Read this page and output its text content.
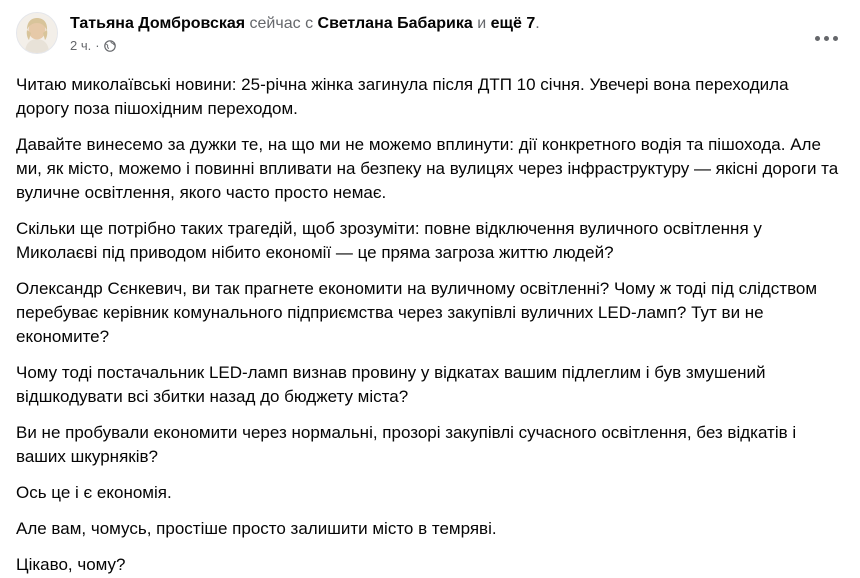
Татьяна Домбровская сейчас с Светлана Бабарика и ещё 7.
2 ч. ·

Читаю миколаївські новини: 25-річна жінка загинула після ДТП 10 січня. Увечері вона переходила дорогу поза пішохідним переходом.

Давайте винесемо за дужки те, на що ми не можемо вплинути: дії конкретного водія та пішохода. Але ми, як місто, можемо і повинні впливати на безпеку на вулицях через інфраструктуру — якісні дороги та вуличне освітлення, якого часто просто немає.

Скільки ще потрібно таких трагедій, щоб зрозуміти: повне відключення вуличного освітлення у Миколаєві під приводом нібито економії — це пряма загроза життю людей?

Олександр Сєнкевич, ви так прагнете економити на вуличному освітленні? Чому ж тоді під слідством перебуває керівник комунального підприємства через закупівлі вуличних LED-ламп? Тут ви не економите?

Чому тоді постачальник LED-ламп визнав провину у відкатах вашим підлеглим і був змушений відшкодувати всі збитки назад до бюджету міста?

Ви не пробували економити через нормальні, прозорі закупівлі сучасного освітлення, без відкатів і ваших шкурняків?

Ось це і є економія.

Але вам, чомусь, простіше просто залишити місто в темряві.

Цікаво, чому?
